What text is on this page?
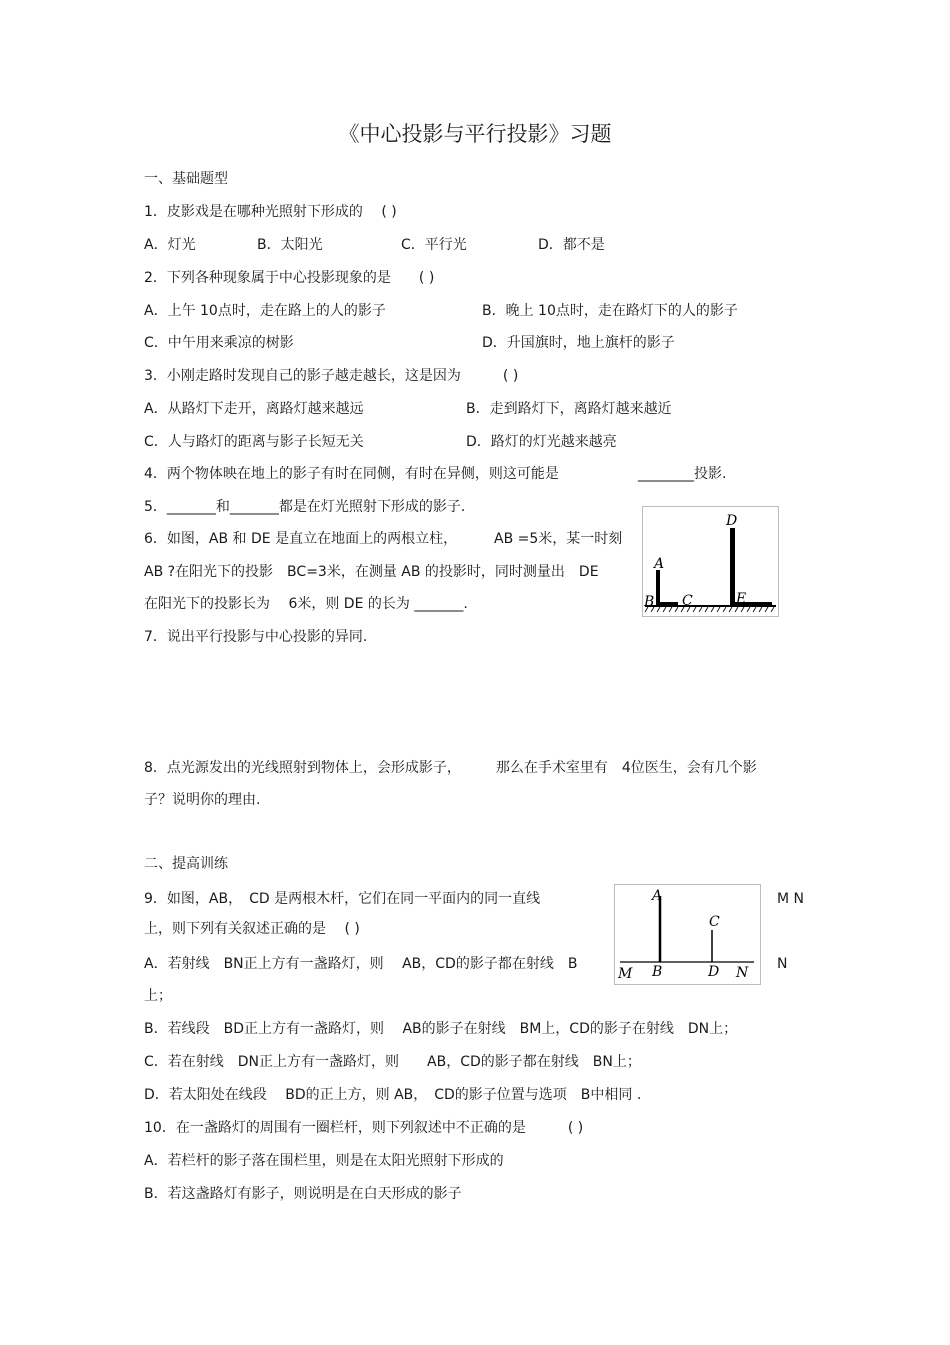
《中心投影与平行投影》习题
一、基础题型
1．皮影戏是在哪种光照射下形成的　 ( )
A．灯光	B．太阳光	C．平行光	D．都不是
2．下列各种现象属于中心投影现象的是　　( )
A．上午 10点时，走在路上的人的影子	B．晚上 10点时，走在路灯下的人的影子
C．中午用来乘凉的树影	D．升国旗时，地上旗杆的影子
3．小刚走路时发现自己的影子越走越长，这是因为　　　( )
A．从路灯下走开，离路灯越来越远	B．走到路灯下，离路灯越来越近
C．人与路灯的距离与影子长短无关	D．路灯的灯光越来越亮
4．两个物体映在地上的影子有时在同侧，有时在异侧，则这可能是	________投影.
5．_______和_______都是在灯光照射下形成的影子.
6．如图，AB 和 DE 是直立在地面上的两根立柱，	AB =5米，某一时刻
AB ?在阳光下的投影　BC=3米，在测量 AB 的投影时，同时测量出　DE
在阳光下的投影长为　 6米，则 DE 的长为 _______.
A
B C
D
E
7．说出平行投影与中心投影的异同.
8．点光源发出的光线照射到物体上，会形成影子，　　　那么在手术室里有　4位医生，会有几个影
子？说明你的理由.
二、提高训练
9．如图，AB，　CD 是两根木杆，它们在同一平面内的同一直线	M N
上，则下列有关叙述正确的是　 ( )
A．若射线　BN正上方有一盏路灯，则　 AB，CD的影子都在射线　B	N
上；
B．若线段　BD正上方有一盏路灯，则　 AB的影子在射线　BM上，CD的影子在射线　DN上；
C．若在射线　DN正上方有一盏路灯，则　　AB，CD的影子都在射线　BN上；
D．若太阳处在线段　 BD的正上方，则 AB，　CD的影子位置与选项　B中相同 .
A
C
M B	D N
10．在一盏路灯的周围有一圈栏杆，则下列叙述中不正确的是　　　( )
A．若栏杆的影子落在围栏里，则是在太阳光照射下形成的
B．若这盏路灯有影子，则说明是在白天形成的影子
